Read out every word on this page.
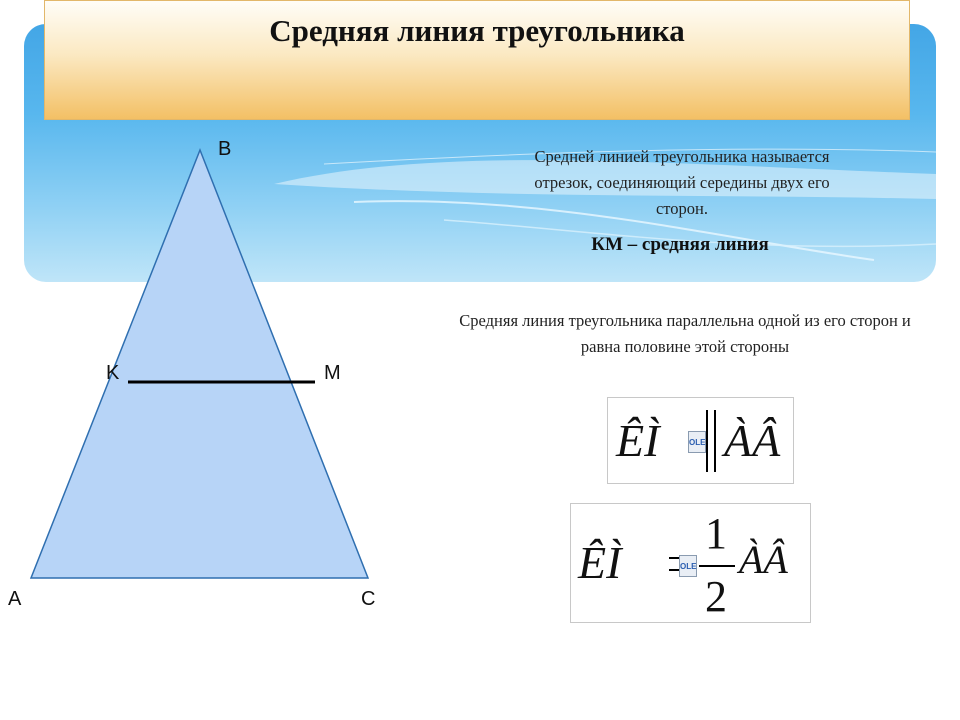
Средняя линия треугольника
Средней линией треугольника называется отрезок, соединяющий середины двух его сторон.
КМ – средняя линия
Средняя линия треугольника параллельна одной из его сторон и равна половине этой стороны
B
K	M
A	C
ÊÌ	OLE ÀÂ
ÊÌ	OLE
1
2
ÀÂ
